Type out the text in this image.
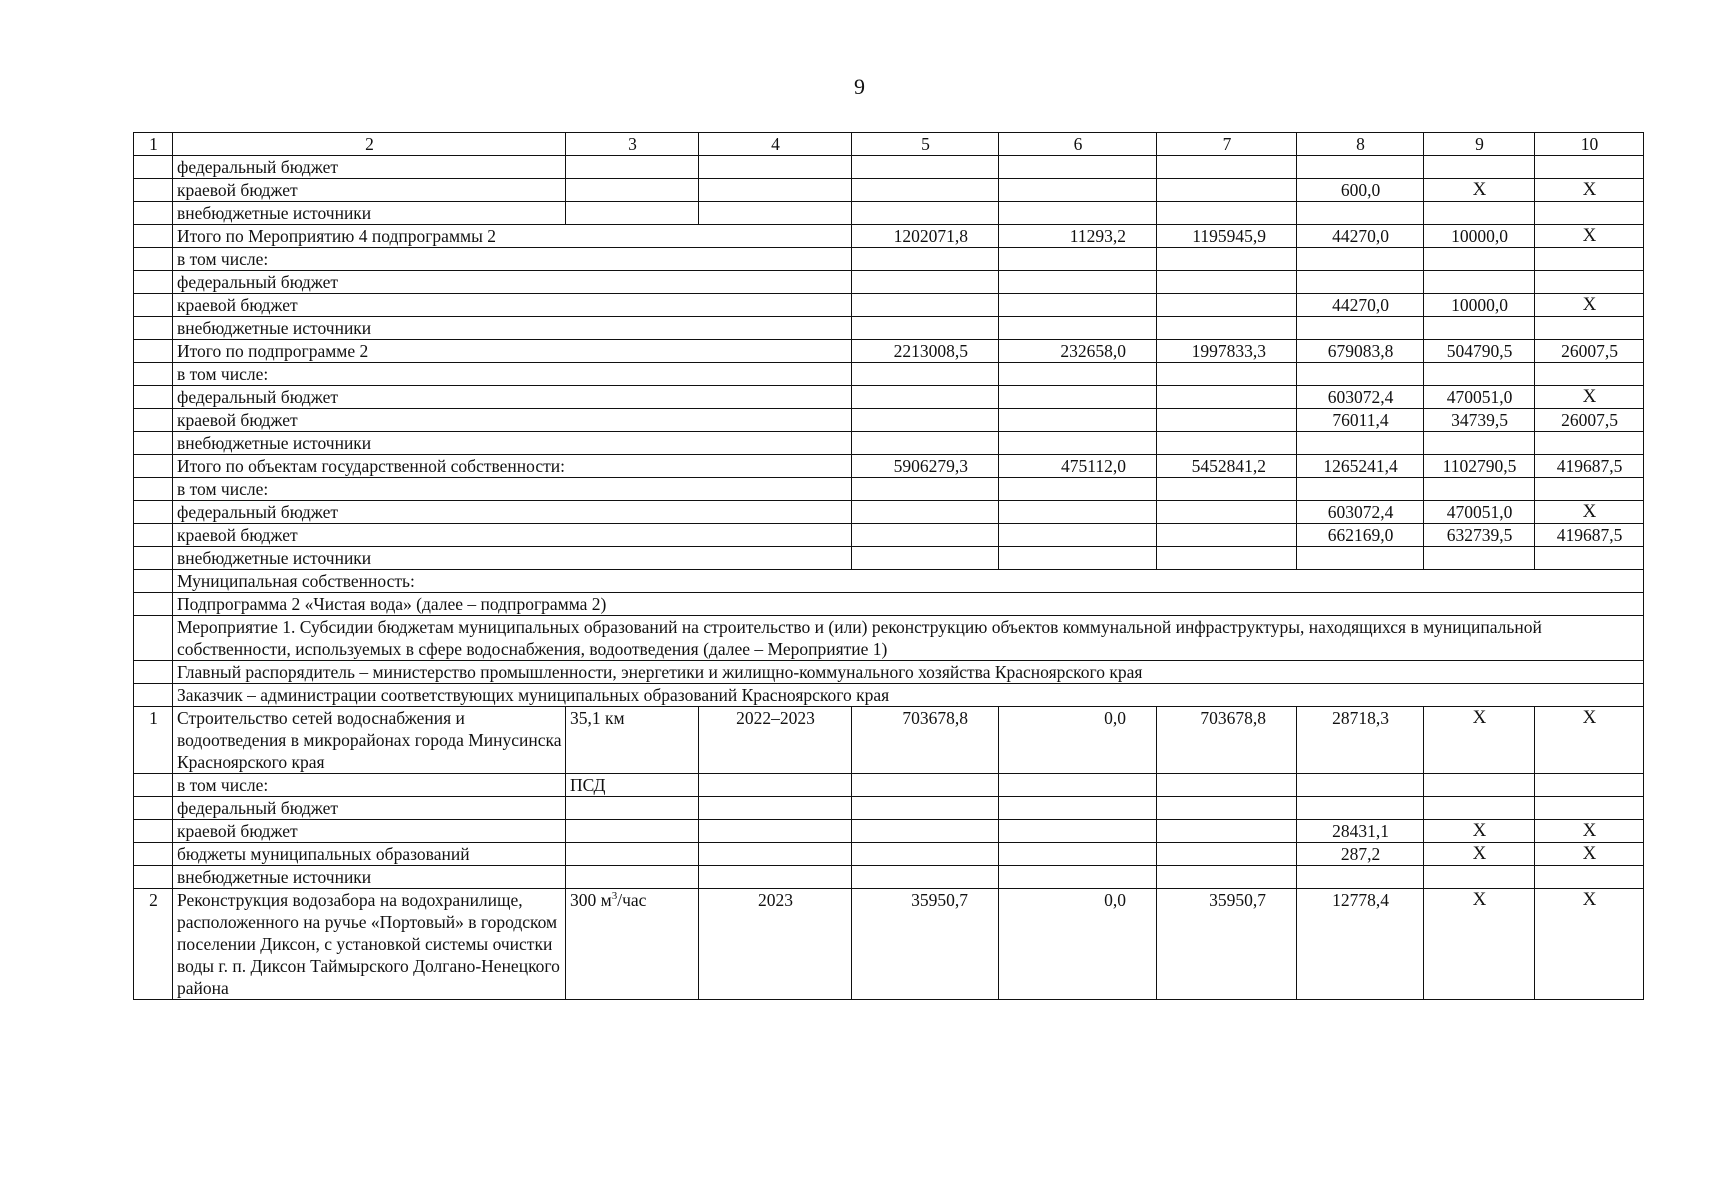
9
1	2	3	4	5	6	7	8	9	10
	федеральный бюджет								
	краевой бюджет						600,0	Х	Х
	внебюджетные источники								
	Итого по Мероприятию 4 подпрограммы 2			1202071,8	11293,2	1195945,9	44270,0	10000,0	Х
	в том числе:								
	федеральный бюджет								
	краевой бюджет						44270,0	10000,0	Х
	внебюджетные источники								
	Итого по подпрограмме 2			2213008,5	232658,0	1997833,3	679083,8	504790,5	26007,5
	в том числе:								
	федеральный бюджет						603072,4	470051,0	Х
	краевой бюджет						76011,4	34739,5	26007,5
	внебюджетные источники								
	Итого по объектам государственной собственности:			5906279,3	475112,0	5452841,2	1265241,4	1102790,5	419687,5
	в том числе:								
	федеральный бюджет						603072,4	470051,0	Х
	краевой бюджет						662169,0	632739,5	419687,5
	внебюджетные источники								
	Муниципальная собственность:								
	Подпрограмма 2 «Чистая вода» (далее – подпрограмма 2)								
	Мероприятие 1. Субсидии бюджетам муниципальных образований на строительство и (или) реконструкцию объектов коммунальной инфраструктуры, находящихся в муниципальной собственности, используемых в сфере водоснабжения, водоотведения (далее – Мероприятие 1)								
	Главный распорядитель – министерство промышленности, энергетики и жилищно-коммунального хозяйства Красноярского края								
	Заказчик – администрации соответствующих муниципальных образований Красноярского края								
1	Строительство сетей водоснабжения и водоотведения в микрорайонах города Минусинска Красноярского края	35,1 км	2022–2023	703678,8	0,0	703678,8	28718,3	Х	Х
	в том числе:	ПСД							
	федеральный бюджет								
	краевой бюджет						28431,1	Х	Х
	бюджеты муниципальных образований						287,2	Х	Х
	внебюджетные источники								
2	Реконструкция водозабора на водохранилище, расположенного на ручье «Портовый» в городском поселении Диксон, с установкой системы очистки воды г. п. Диксон Таймырского Долгано-Ненецкого района	300 $м^3$/час	2023	35950,7	0,0	35950,7	12778,4	Х	Х
